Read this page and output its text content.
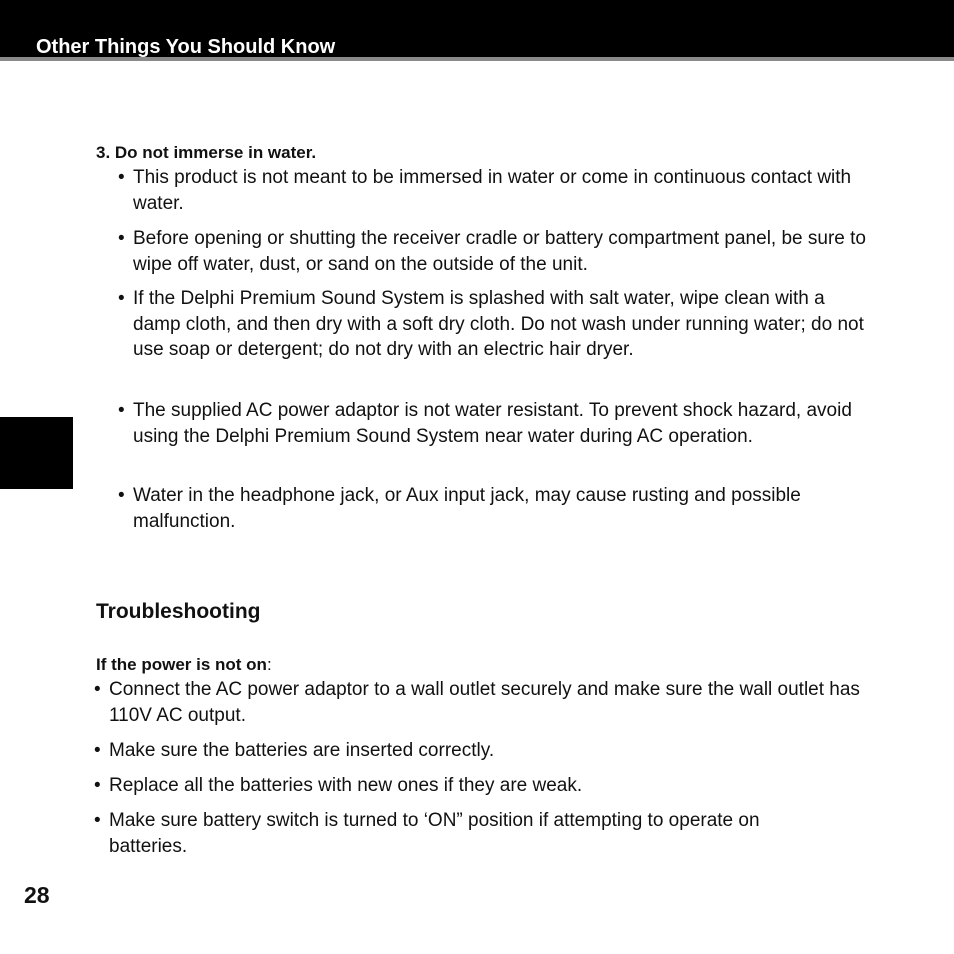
Other Things You Should Know
3. Do not immerse in water.
• This product is not meant to be immersed in water or come in continuous contact with water.
• Before opening or shutting the receiver cradle or battery compartment panel, be sure to wipe off water, dust, or sand on the outside of the unit.
• If the Delphi Premium Sound System is splashed with salt water, wipe clean with a damp cloth, and then dry with a soft dry cloth. Do not wash under running water; do not use soap or detergent; do not dry with an electric hair dryer.
• The supplied AC power adaptor is not water resistant. To prevent shock hazard, avoid using the Delphi Premium Sound System near water during AC operation.
• Water in the headphone jack, or Aux input jack, may cause rusting and possible malfunction.
Troubleshooting
If the power is not on:
• Connect the AC power adaptor to a wall outlet securely and make sure the wall outlet has 110V AC output.
• Make sure the batteries are inserted correctly.
• Replace all the batteries with new ones if they are weak.
• Make sure battery switch is turned to ‘ON” position if attempting to operate on batteries.
28
